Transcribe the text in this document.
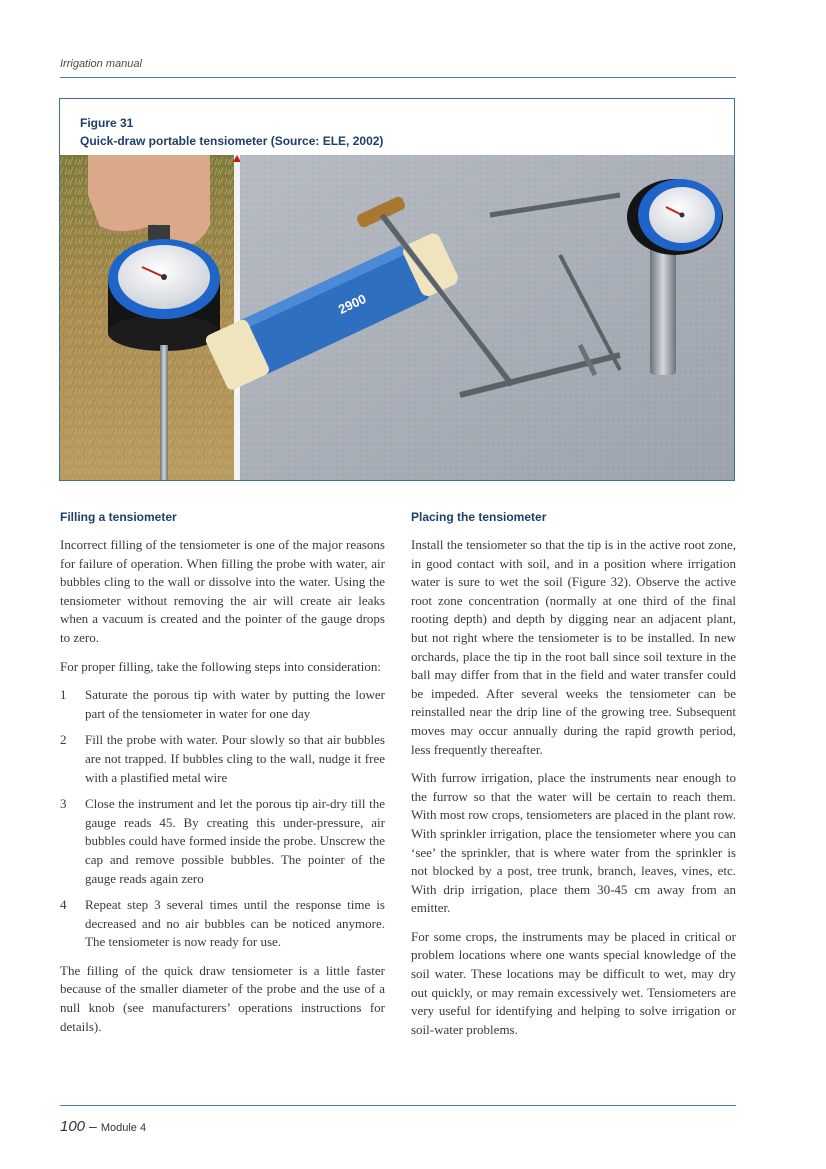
Irrigation manual
Figure 31
Quick-draw portable tensiometer (Source: ELE, 2002)
2900
Filling a tensiometer

Incorrect filling of the tensiometer is one of the major reasons for failure of operation. When filling the probe with water, air bubbles cling to the wall or dissolve into the water. Using the tensiometer without removing the air will create air leaks when a vacuum is created and the pointer of the gauge drops to zero.

For proper filling, take the following steps into consideration:

1 Saturate the porous tip with water by putting the lower part of the tensiometer in water for one day
2 Fill the probe with water. Pour slowly so that air bubbles are not trapped. If bubbles cling to the wall, nudge it free with a plastified metal wire
3 Close the instrument and let the porous tip air-dry till the gauge reads 45. By creating this under-pressure, air bubbles could have formed inside the probe. Unscrew the cap and remove possible bubbles. The pointer of the gauge reads again zero
4 Repeat step 3 several times until the response time is decreased and no air bubbles can be noticed anymore. The tensiometer is now ready for use.

The filling of the quick draw tensiometer is a little faster because of the smaller diameter of the probe and the use of a null knob (see manufacturers’ operations instructions for details).

Placing the tensiometer

Install the tensiometer so that the tip is in the active root zone, in good contact with soil, and in a position where irrigation water is sure to wet the soil (Figure 32). Observe the active root zone concentration (normally at one third of the final rooting depth) and depth by digging near an adjacent plant, but not right where the tensiometer is to be installed. In new orchards, place the tip in the root ball since soil texture in the ball may differ from that in the field and water transfer could be impeded. After several weeks the tensiometer can be reinstalled near the drip line of the growing tree. Subsequent moves may occur annually during the rapid growth period, less frequently thereafter.

With furrow irrigation, place the instruments near enough to the furrow so that the water will be certain to reach them. With most row crops, tensiometers are placed in the plant row. With sprinkler irrigation, place the tensiometer where you can ‘see’ the sprinkler, that is where water from the sprinkler is not blocked by a post, tree trunk, branch, leaves, vines, etc. With drip irrigation, place them 30-45 cm away from an emitter.

For some crops, the instruments may be placed in critical or problem locations where one wants special knowledge of the soil water. These locations may be difficult to wet, may dry out quickly, or may remain excessively wet. Tensiometers are very useful for identifying and helping to solve irrigation or soil-water problems.

100 – Module 4
